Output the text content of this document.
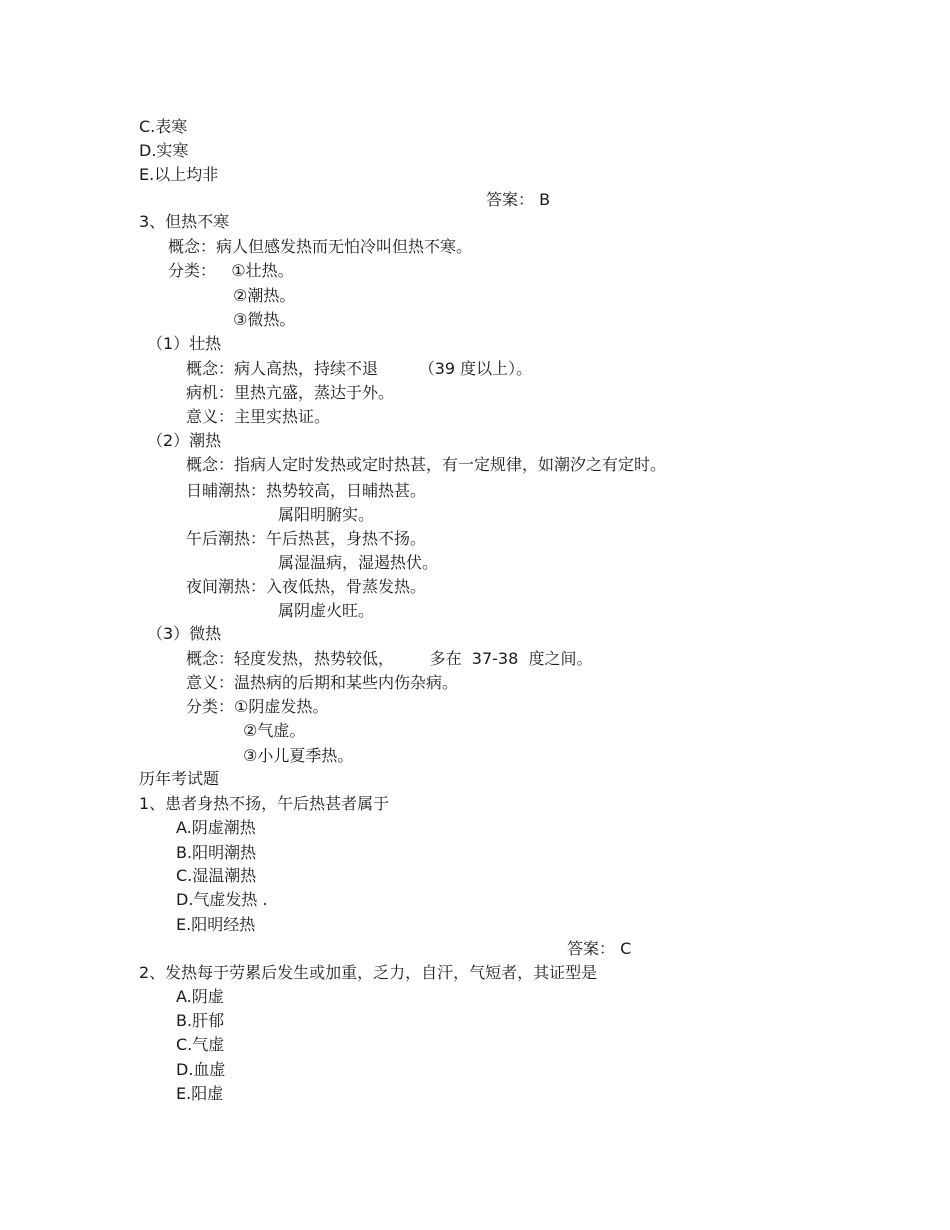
C.表寒

D.实寒

E.以上均非

答案： B

3、但热不寒

概念：病人但感发热而无怕冷叫但热不寒。

分类：   ①壮热。

②潮热。

③微热。

（1）壮热

概念：病人高热，持续不退        （39 度以上）。

病机：里热亢盛，蒸达于外。

意义：主里实热证。

（2）潮热

概念：指病人定时发热或定时热甚，有一定规律，如潮汐之有定时。

日晡潮热：热势较高，日晡热甚。

属阳明腑实。

午后潮热：午后热甚，身热不扬。

属湿温病，湿遏热伏。

夜间潮热：入夜低热，骨蒸发热。

属阴虚火旺。

（3）微热

概念：轻度发热，热势较低，       多在  37-38  度之间。

意义：温热病的后期和某些内伤杂病。

分类：①阴虚发热。

②气虚。

③小儿夏季热。

历年考试题

1、患者身热不扬，午后热甚者属于

A.阴虚潮热

B.阳明潮热

C.湿温潮热

D.气虚发热 .

E.阳明经热

答案： C

2、发热每于劳累后发生或加重，乏力，自汗，气短者，其证型是

A.阴虚

B.肝郁

C.气虚

D.血虚

E.阳虚
